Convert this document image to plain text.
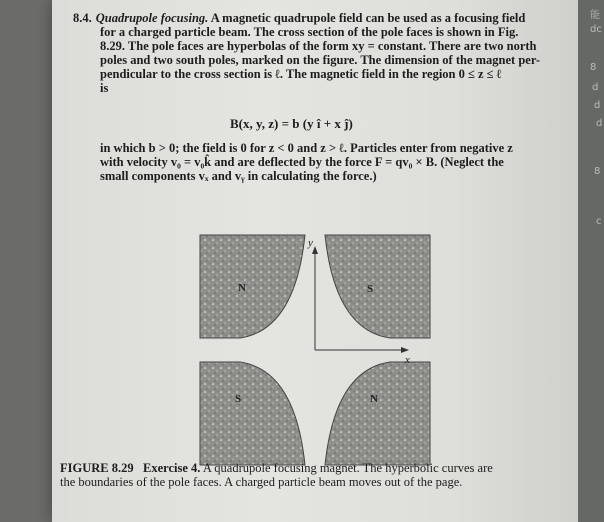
能
dc
8
d
d
d
8
c
8.4. Quadrupole focusing. A magnetic quadrupole field can be used as a focusing field
for a charged particle beam. The cross section of the pole faces is shown in Fig.
8.29. The pole faces are hyperbolas of the form xy = constant. There are two north
poles and two south poles, marked on the figure. The dimension of the magnet per-
pendicular to the cross section is ℓ. The magnetic field in the region 0 ≤ z ≤ ℓ
is
B(x, y, z) = b (y î + x ĵ)
in which b > 0; the field is 0 for z < 0 and z > ℓ. Particles enter from negative z
with velocity v₀ = v₀k̂ and are deflected by the force F = qv₀ × B. (Neglect the
small components vₓ and vᵧ in calculating the force.)
y
x
N	S
S	N
FIGURE 8.29 Exercise 4. A quadrupole focusing magnet. The hyperbolic curves are
the boundaries of the pole faces. A charged particle beam moves out of the page.
